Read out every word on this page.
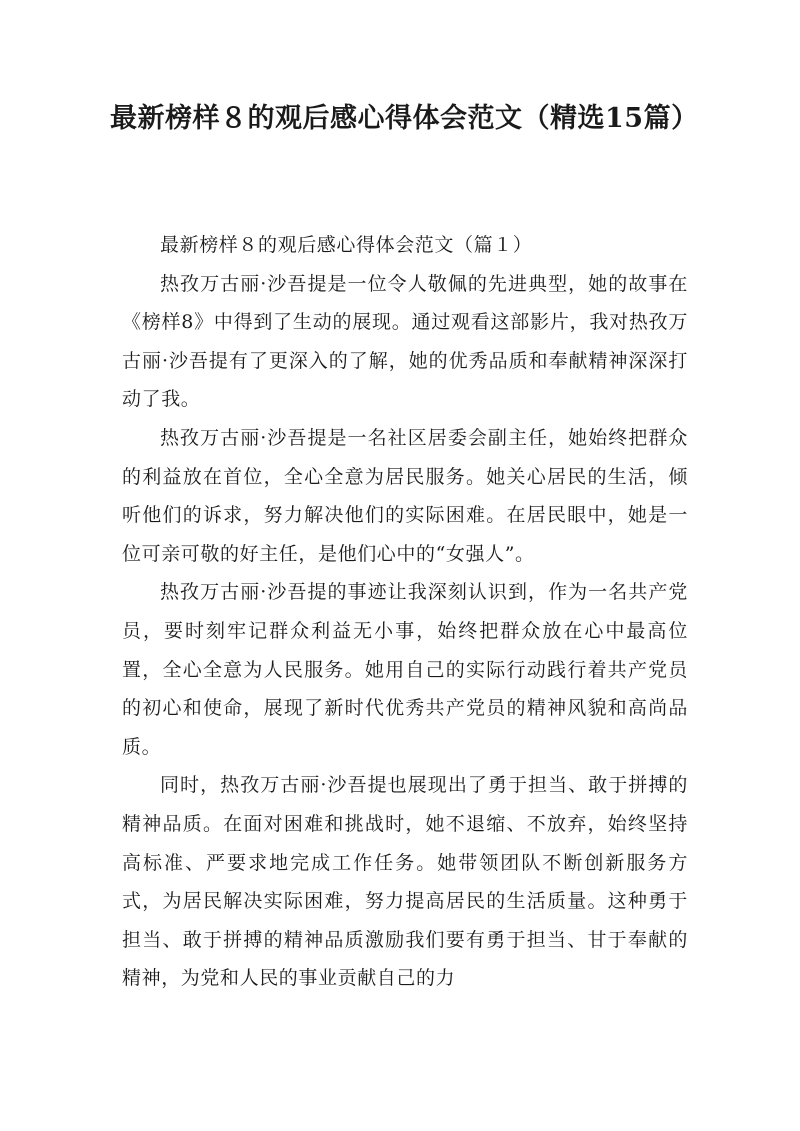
最新榜样８的观后感心得体会范文（精选15篇）

最新榜样８的观后感心得体会范文（篇１）

热孜万古丽·沙吾提是一位令人敬佩的先进典型，她的故事在《榜样8》中得到了生动的展现。通过观看这部影片，我对热孜万古丽·沙吾提有了更深入的了解，她的优秀品质和奉献精神深深打动了我。

热孜万古丽·沙吾提是一名社区居委会副主任，她始终把群众的利益放在首位，全心全意为居民服务。她关心居民的生活，倾听他们的诉求，努力解决他们的实际困难。在居民眼中，她是一位可亲可敬的好主任，是他们心中的“女强人”。

热孜万古丽·沙吾提的事迹让我深刻认识到，作为一名共产党员，要时刻牢记群众利益无小事，始终把群众放在心中最高位置，全心全意为人民服务。她用自己的实际行动践行着共产党员的初心和使命，展现了新时代优秀共产党员的精神风貌和高尚品质。

同时，热孜万古丽·沙吾提也展现出了勇于担当、敢于拼搏的精神品质。在面对困难和挑战时，她不退缩、不放弃，始终坚持高标准、严要求地完成工作任务。她带领团队不断创新服务方式，为居民解决实际困难，努力提高居民的生活质量。这种勇于担当、敢于拼搏的精神品质激励我们要有勇于担当、甘于奉献的精神，为党和人民的事业贡献自己的力
